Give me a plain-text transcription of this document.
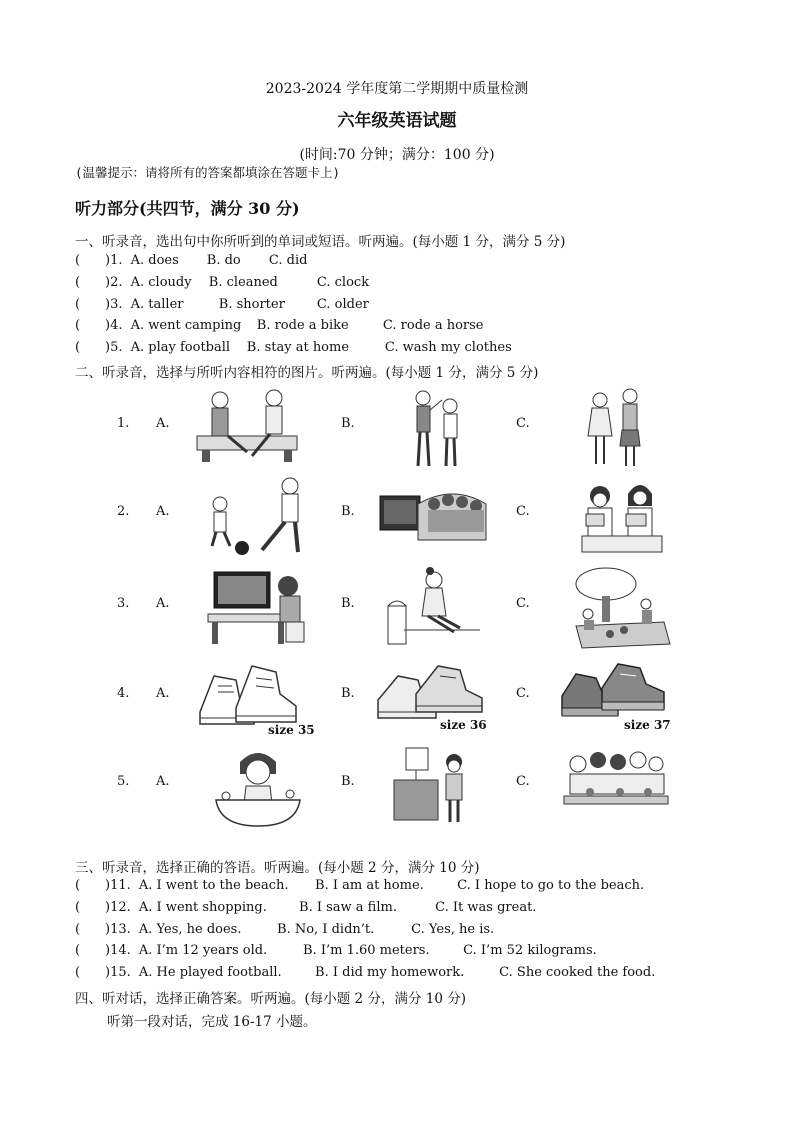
2023-2024 学年度第二学期期中质量检测
六年级英语试题
(时间:70 分钟；满分：100 分)
(温馨提示：请将所有的答案都填涂在答题卡上)
听力部分(共四节，满分 30 分)
一、听录音，选出句中你所听到的单词或短语。听两遍。(每小题 1 分，满分 5 分)
( )1. A. does B. do C. did
( )2. A. cloudy B. cleaned	C. clock
( )3. A. taller	B. shorter C. older
( )4. A. went camping B. rode a bike	C. rode a horse
( )5. A. play football B. stay at home	C. wash my clothes
二、听录音，选择与所听内容相符的图片。听两遍。(每小题 1 分，满分 5 分)
1. A.	B.	C.
2. A.	B.	C.
3. A.	B.	C.
4. A.	B.	C.
size 35	size 36	size 37
5. A.	B.	C.
三、听录音，选择正确的答语。听两遍。(每小题 2 分，满分 10 分)
( )11. A. I went to the beach. B. I am at home.	C. I hope to go to the beach.
( )12. A. I went shopping. B. I saw a film.	C. It was great.
( )13. A. Yes, he does.	B. No, I didn’t.	C. Yes, he is.
( )14. A. I’m 12 years old.	B. I’m 1.60 meters.	C. I’m 52 kilograms.
( )15. A. He played football.	B. I did my homework.	C. She cooked the food.
四、听对话，选择正确答案。听两遍。(每小题 2 分，满分 10 分)
听第一段对话，完成 16-17 小题。
